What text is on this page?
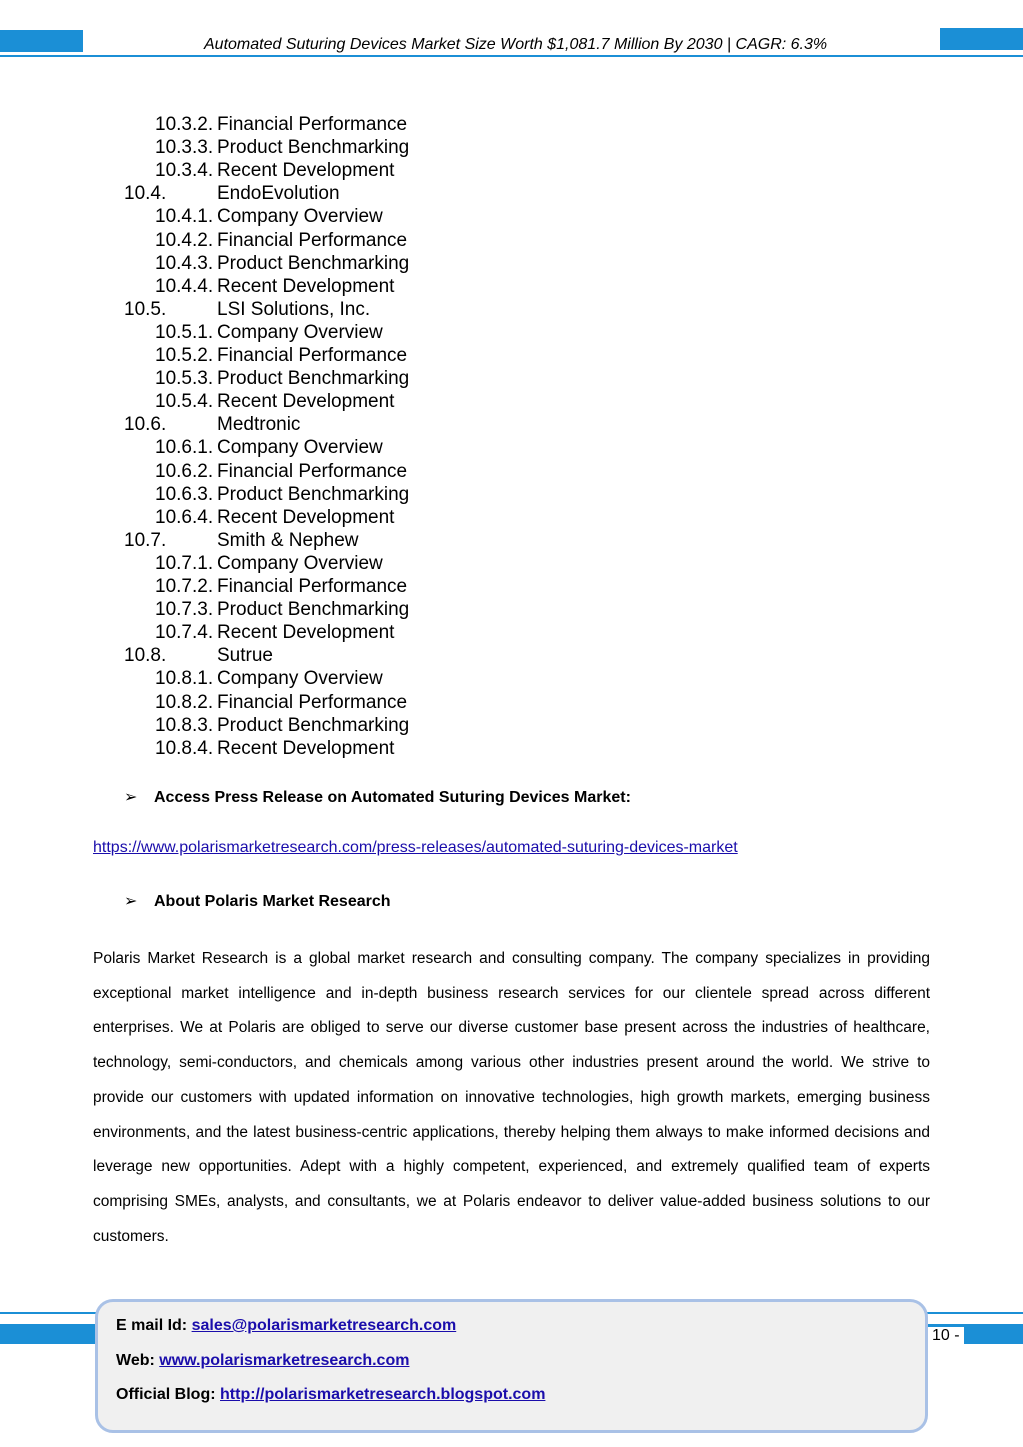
Automated Suturing Devices Market Size Worth $1,081.7 Million By 2030 | CAGR: 6.3%
10.3.2. Financial Performance
10.3.3. Product Benchmarking
10.3.4. Recent Development
10.4.	EndoEvolution
10.4.1. Company Overview
10.4.2. Financial Performance
10.4.3. Product Benchmarking
10.4.4. Recent Development
10.5.	LSI Solutions, Inc.
10.5.1. Company Overview
10.5.2. Financial Performance
10.5.3. Product Benchmarking
10.5.4. Recent Development
10.6.	Medtronic
10.6.1. Company Overview
10.6.2. Financial Performance
10.6.3. Product Benchmarking
10.6.4. Recent Development
10.7.	Smith & Nephew
10.7.1. Company Overview
10.7.2. Financial Performance
10.7.3. Product Benchmarking
10.7.4. Recent Development
10.8.	Sutrue
10.8.1. Company Overview
10.8.2. Financial Performance
10.8.3. Product Benchmarking
10.8.4. Recent Development
➢ Access Press Release on Automated Suturing Devices Market:
https://www.polarismarketresearch.com/press-releases/automated-suturing-devices-market
➢ About Polaris Market Research
Polaris Market Research is a global market research and consulting company. The company specializes in providing exceptional market intelligence and in-depth business research services for our clientele spread across different enterprises. We at Polaris are obliged to serve our diverse customer base present across the industries of healthcare, technology, semi-conductors, and chemicals among various other industries present around the world. We strive to provide our customers with updated information on innovative technologies, high growth markets, emerging business environments, and the latest business-centric applications, thereby helping them always to make informed decisions and leverage new opportunities. Adept with a highly competent, experienced, and extremely qualified team of experts comprising SMEs, analysts, and consultants, we at Polaris endeavor to deliver value-added business solutions to our customers.
10 -
E mail Id: sales@polarismarketresearch.com
Web: www.polarismarketresearch.com
Official Blog: http://polarismarketresearch.blogspot.com
